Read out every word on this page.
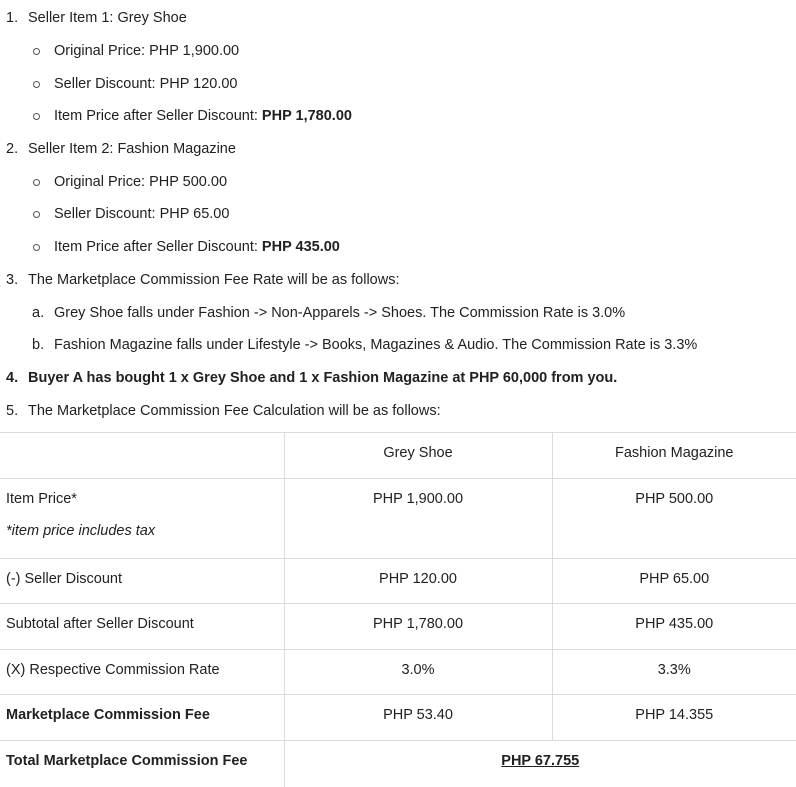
1. Seller Item 1: Grey Shoe
Original Price: PHP 1,900.00
Seller Discount: PHP 120.00
Item Price after Seller Discount: PHP 1,780.00
2. Seller Item 2: Fashion Magazine
Original Price: PHP 500.00
Seller Discount: PHP 65.00
Item Price after Seller Discount: PHP 435.00
3. The Marketplace Commission Fee Rate will be as follows:
a. Grey Shoe falls under Fashion -> Non-Apparels -> Shoes. The Commission Rate is 3.0%
b. Fashion Magazine falls under Lifestyle -> Books, Magazines & Audio. The Commission Rate is 3.3%
4. Buyer A has bought 1 x Grey Shoe and 1 x Fashion Magazine at PHP 60,000 from you.
5. The Marketplace Commission Fee Calculation will be as follows:
	Grey Shoe	Fashion Magazine

Item Price*
*item price includes tax	PHP 1,900.00	PHP 500.00
(-) Seller Discount	PHP 120.00	PHP 65.00
Subtotal after Seller Discount	PHP 1,780.00	PHP 435.00
(X) Respective Commission Rate	3.0%	3.3%
Marketplace Commission Fee	PHP 53.40	PHP 14.355
Total Marketplace Commission Fee	PHP 67.755	
